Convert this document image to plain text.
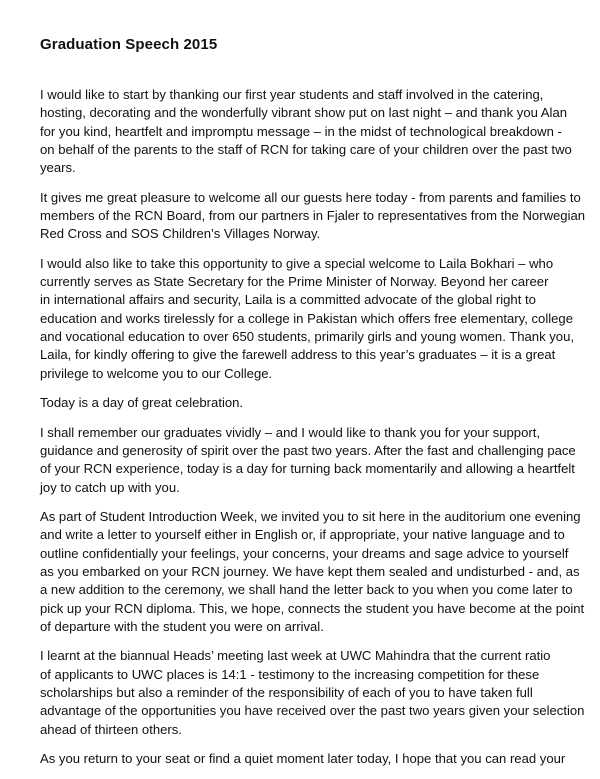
Graduation Speech 2015
I would like to start by thanking our first year students and staff involved in the catering,
hosting, decorating and the wonderfully vibrant show put on last night – and thank you Alan
for you kind, heartfelt and impromptu message – in the midst of technological breakdown -
on behalf of the parents to the staff of RCN for taking care of your children over the past two
years.
It gives me great pleasure to welcome all our guests here today - from parents and families to
members of the RCN Board, from our partners in Fjaler to representatives from the Norwegian
Red Cross and SOS Children’s Villages Norway.
I would also like to take this opportunity to give a special welcome to Laila Bokhari – who
currently serves as State Secretary for the Prime Minister of Norway. Beyond her career
in international affairs and security, Laila is a committed advocate of the global right to
education and works tirelessly for a college in Pakistan which offers free elementary, college
and vocational education to over 650 students, primarily girls and young women. Thank you,
Laila, for kindly offering to give the farewell address to this year’s graduates – it is a great
privilege to welcome you to our College.
Today is a day of great celebration.
I shall remember our graduates vividly – and I would like to thank you for your support,
guidance and generosity of spirit over the past two years. After the fast and challenging pace
of your RCN experience, today is a day for turning back momentarily and allowing a heartfelt
joy to catch up with you.
As part of Student Introduction Week, we invited you to sit here in the auditorium one evening
and write a letter to yourself either in English or, if appropriate, your native language and to
outline confidentially your feelings, your concerns, your dreams and sage advice to yourself
as you embarked on your RCN journey. We have kept them sealed and undisturbed - and, as
a new addition to the ceremony, we shall hand the letter back to you when you come later to
pick up your RCN diploma. This, we hope, connects the student you have become at the point
of departure with the student you were on arrival.
I learnt at the biannual Heads’ meeting last week at UWC Mahindra that the current ratio
of applicants to UWC places is 14:1 - testimony to the increasing competition for these
scholarships but also a reminder of the responsibility of each of you to have taken full
advantage of the opportunities you have received over the past two years given your selection
ahead of thirteen others.
As you return to your seat or find a quiet moment later today, I hope that you can read your
